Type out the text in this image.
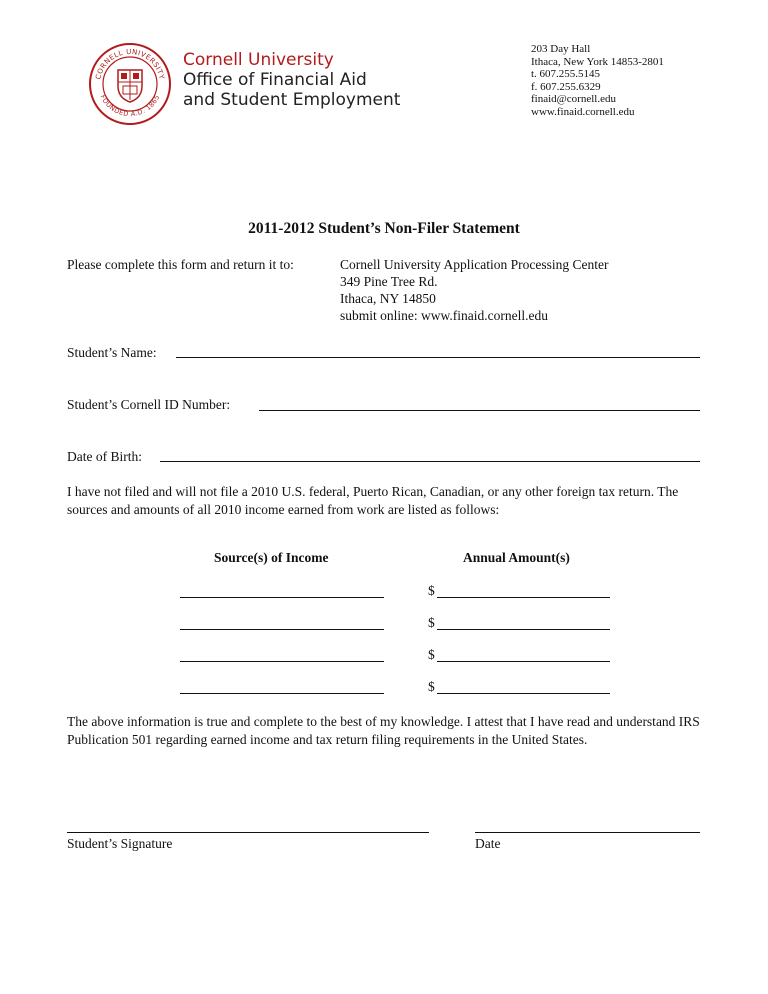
CORNELL UNIVERSITY
FOUNDED A.D. 1865
Cornell University
Office of Financial Aid
and Student Employment
203 Day Hall
Ithaca, New York 14853-2801
t. 607.255.5145
f. 607.255.6329
finaid@cornell.edu
www.finaid.cornell.edu
2011-2012 Student’s Non-Filer Statement
Please complete this form and return it to:	Cornell University Application Processing Center
349 Pine Tree Rd.
Ithaca, NY 14850
submit online: www.finaid.cornell.edu
Student’s Name:
Student’s Cornell ID Number:
Date of Birth:
I have not filed and will not file a 2010 U.S. federal, Puerto Rican, Canadian, or any other foreign tax return. The sources and amounts of all 2010 income earned from work are listed as follows:
Source(s) of Income	Annual Amount(s)
$
$
$
$
The above information is true and complete to the best of my knowledge. I attest that I have read and understand IRS Publication 501 regarding earned income and tax return filing requirements in the United States.
Student’s Signature	Date
